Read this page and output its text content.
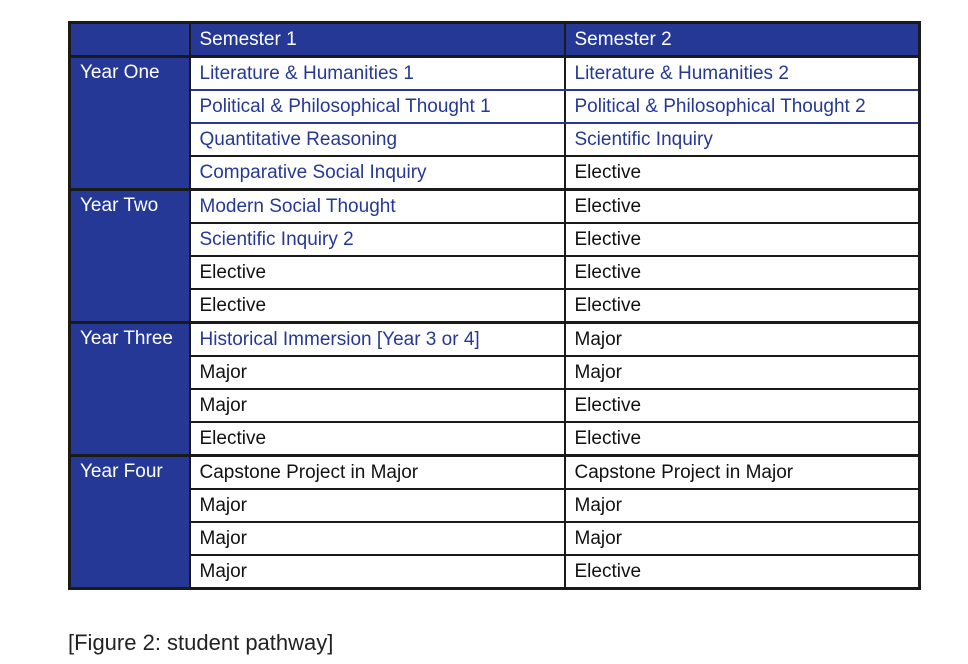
	Semester 1	Semester 2
Year One	Literature & Humanities 1	Literature & Humanities 2
	Political & Philosophical Thought 1	Political & Philosophical Thought 2
	Quantitative Reasoning	Scientific Inquiry
	Comparative Social Inquiry	Elective
Year Two	Modern Social Thought	Elective
	Scientific Inquiry 2	Elective
	Elective	Elective
	Elective	Elective
Year Three	Historical Immersion [Year 3 or 4]	Major
	Major	Major
	Major	Elective
	Elective	Elective
Year Four	Capstone Project in Major	Capstone Project in Major
	Major	Major
	Major	Major
	Major	Elective

[Figure 2: student pathway]
